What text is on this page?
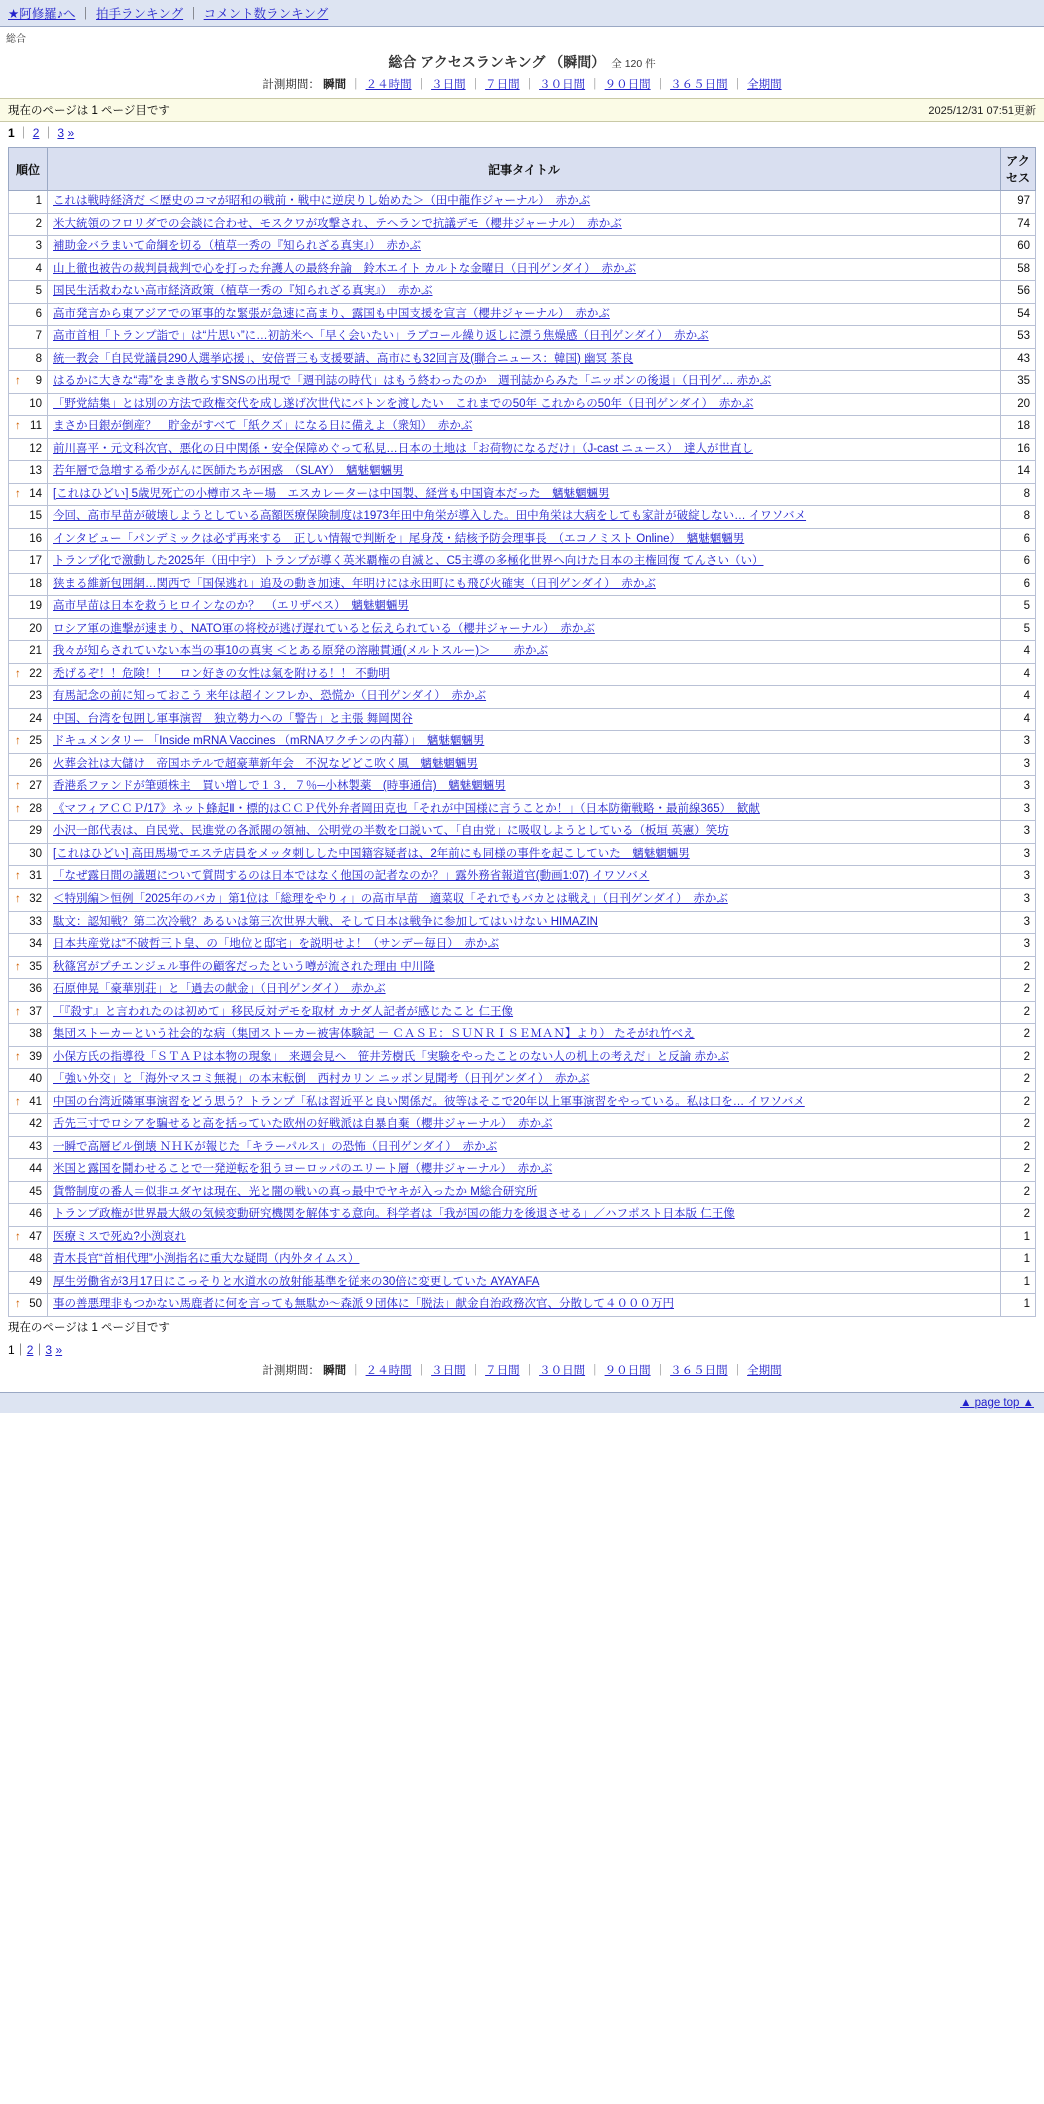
★阿修羅♪へ ｜ 拍手ランキング ｜ コメント数ランキング
総合
総合 アクセスランキング （瞬間） 全 120 件
計測期間： 瞬間 ｜ ２４時間 ｜ ３日間 ｜ ７日間 ｜ ３０日間 ｜ ９０日間 ｜ ３６５日間 ｜ 全期間
現在のページは 1 ページ目です	2025/12/31 07:51更新
1 ｜ 2 ｜ 3 »
順位	記事タイトル	アクセス
1	これは戦時経済だ ＜歴史のコマが昭和の戦前・戦中に逆戻りし始めた＞（田中龍作ジャーナル）　赤かぶ	97
2	米大統領のフロリダでの会談に合わせ、モスクワが攻撃され、テヘランで抗議デモ（櫻井ジャーナル）　赤かぶ	74
3	補助金バラまいて命綱を切る（植草一秀の『知られざる真実』）　赤かぶ	60
4	山上徹也被告の裁判員裁判で心を打った弁護人の最終弁論　鈴木エイト カルトな金曜日（日刊ゲンダイ）　赤かぶ	58
5	国民生活救わない高市経済政策（植草一秀の『知られざる真実』）　赤かぶ	56
6	高市発言から東アジアでの軍事的な緊張が急速に高まり、露国も中国支援を宣言（櫻井ジャーナル）　赤かぶ	54
7	高市首相「トランプ詣で」は“片思い”に…初訪米へ「早く会いたい」ラブコール繰り返しに漂う焦燥感（日刊ゲンダイ）　赤かぶ	53
8	統一教会「自民党議員290人選挙応援」、安倍晋三も支援要請、高市にも32回言及(聯合ニュース：韓国) 幽冥 茶良	43

↑ 9	はるかに大きな“毒”をまき散らすSNSの出現で「週刊誌の時代」はもう終わったのか　週刊誌からみた「ニッポンの後退」（日刊ゲ… 赤かぶ	35
10	「野党結集」とは別の方法で政権交代を成し遂げ次世代にバトンを渡したい　これまでの50年 これからの50年（日刊ゲンダイ）　赤かぶ	20

↑ 11	まさか日銀が倒産？　貯金がすべて「紙クズ」になる日に備えよ（衆知）　赤かぶ	18
12	前川喜平・元文科次官、悪化の日中関係・安全保障めぐって私見…日本の土地は「お荷物になるだけ」（J-cast ニュース）　達人が世直し	16
13	若年層で急増する希少がんに医師たちが困惑　（SLAY）　魑魅魍魎男	14

↑ 14	[これはひどい] 5歳児死亡の小樽市スキー場　エスカレーターは中国製、経営も中国資本だった　魑魅魍魎男	8
15	今回、高市早苗が破壊しようとしている高額医療保険制度は1973年田中角栄が導入した。田中角栄は大病をしても家計が破綻しない… イワソバメ	8
16	インタビュー「パンデミックは必ず再来する　正しい情報で判断を」尾身茂・結核予防会理事長　（エコノミスト Online）　魑魅魍魎男	6
17	トランプ化で激動した2025年（田中宇）トランプが導く英米覇権の自滅と、C5主導の多極化世界へ向けた日本の主権回復 てんさい（い）	6
18	狭まる維新包囲網…関西で「国保逃れ」追及の動き加速、年明けには永田町にも飛び火確実（日刊ゲンダイ）　赤かぶ	6
19	高市早苗は日本を救うヒロインなのか？　（エリザベス）　魑魅魍魎男	5
20	ロシア軍の進撃が速まり、NATO軍の将校が逃げ遅れていると伝えられている（櫻井ジャーナル）　赤かぶ	5
21	我々が知らされていない本当の事10の真実 ＜とある原発の溶融貫通(メルトスルー)＞　　赤かぶ	4

↑ 22	禿げるぞ！！危険！！　ロン好きの女性は氣を附ける！！ 不動明	4
23	有馬記念の前に知っておこう 来年は超インフレか、恐慌か（日刊ゲンダイ）　赤かぶ	4
24	中国、台湾を包囲し軍事演習　独立勢力への「警告」と主張 舞岡関谷	4

↑ 25	ドキュメンタリー 「Inside mRNA Vaccines （mRNAワクチンの内幕）」　魑魅魍魎男	3
26	火葬会社は大儲け　帝国ホテルで超豪華新年会　不況などどこ吹く風　魑魅魍魎男	3

↑ 27	香港系ファンドが筆頭株主　買い増しで１３．７％─小林製薬　(時事通信)　魑魅魍魎男	3

↑ 28	《マフィアＣＣＰ/17》ネット蜂起Ⅱ・標的はＣＣＰ代外弁者岡田克也「それが中国様に言うことか！」（日本防衛戦略・最前線365）　歓献	3
29	小沢一郎代表は、自民党、民進党の各派閥の領袖、公明党の半数を口説いて、「自由党」に吸収しようとしている（板垣 英憲）笑坊	3
30	[これはひどい] 高田馬場でエステ店員をメッタ刺しした中国籍容疑者は、2年前にも同様の事件を起こしていた　魑魅魍魎男	3

↑ 31	「なぜ露日間の議題について質問するのは日本ではなく他国の記者なのか？」露外務省報道官(動画1:07) イワソバメ	3

↑ 32	＜特別編＞恒例「2025年のバカ」第1位は「総理をやりィ」の高市早苗　適菜収「それでもバカとは戦え」（日刊ゲンダイ）　赤かぶ	3
33	駄文：認知戦？第二次冷戦？あるいは第三次世界大戦、そして日本は戦争に参加してはいけない HIMAZIN	3
34	日本共産党は“不破哲三ト皇、の「地位と邸宅」を説明せよ！（サンデー毎日）　赤かぶ	3

↑ 35	秋篠宮がプチエンジェル事件の顧客だったという噂が流された理由 中川隆	2
36	石原伸晃「豪華別荘」と「過去の献金」（日刊ゲンダイ）　赤かぶ	2

↑ 37	「『殺す』と言われたのは初めて」移民反対デモを取材 カナダ人記者が感じたこと 仁王像	2
38	集団ストーカーという社会的な病（集団ストーカー被害体験記 － ＣＡＳＥ：ＳＵＮＲＩＳＥＭＡＮ】より） たそがれ竹べえ	2

↑ 39	小保方氏の指導役「ＳＴＡＰは本物の現象」　来週会見へ　笹井芳樹氏「実験をやったことのない人の机上の考えだ」と反論 赤かぶ	2
40	「強い外交」と「海外マスコミ無視」の本末転倒　西村カリン ニッポン見聞考（日刊ゲンダイ）　赤かぶ	2

↑ 41	中国の台湾近隣軍事演習をどう思う？トランプ「私は習近平と良い関係だ。彼等はそこで20年以上軍事演習をやっている。私は口を… イワソバメ	2
42	舌先三寸でロシアを騙せると高を括っていた欧州の好戦派は自暴自棄（櫻井ジャーナル）　赤かぶ	2
43	一瞬で高層ビル倒壊 ＮＨＫが報じた「キラーパルス」の恐怖（日刊ゲンダイ）　赤かぶ	2
44	米国と露国を鬪わせることで一発逆転を狙うヨーロッパのエリート層（櫻井ジャーナル）　赤かぶ	2
45	貨幣制度の番人＝似非ユダヤは現在、光と闇の戦いの真っ最中でヤキが入ったか M総合研究所	2
46	トランプ政権が世界最大級の気候変動研究機関を解体する意向。科学者は「我が国の能力を後退させる」／ハフポスト日本版 仁王像	2

↑ 47	医療ミスで死ぬ?小渕哀れ	1
48	青木長官“首相代理”小渕指名に重大な疑問（内外タイムス）	1
49	厚生労働省が3月17日にこっそりと水道水の放射能基準を従来の30倍に変更していた AYAYAFA	1

↑ 50	事の善悪理非もつかない馬鹿者に何を言っても無駄か～森派９団体に「脱法」献金自治政務次官、分散して４０００万円	1
現在のページは 1 ページ目です
1｜2｜3 »
計測期間： 瞬間 ｜ ２４時間 ｜ ３日間 ｜ ７日間 ｜ ３０日間 ｜ ９０日間 ｜ ３６５日間 ｜ 全期間
▲ page top ▲
